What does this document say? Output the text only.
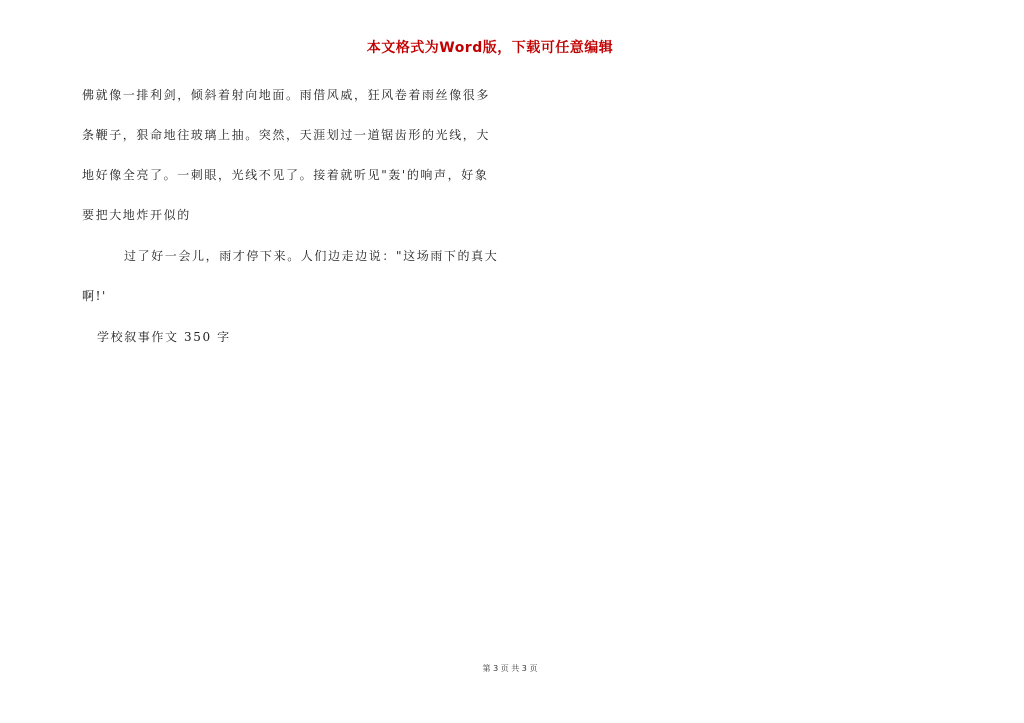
本文格式为Word版，下载可任意编辑
佛就像一排利剑，倾斜着射向地面。雨借风威，狂风卷着雨丝像很多
条鞭子，狠命地往玻璃上抽。突然，天涯划过一道锯齿形的光线，大
地好像全亮了。一刺眼，光线不见了。接着就听见"轰'的响声，好象
要把大地炸开似的
过了好一会儿，雨才停下来。人们边走边说："这场雨下的真大
啊!'
学校叙事作文 350 字
第 3 页 共 3 页
